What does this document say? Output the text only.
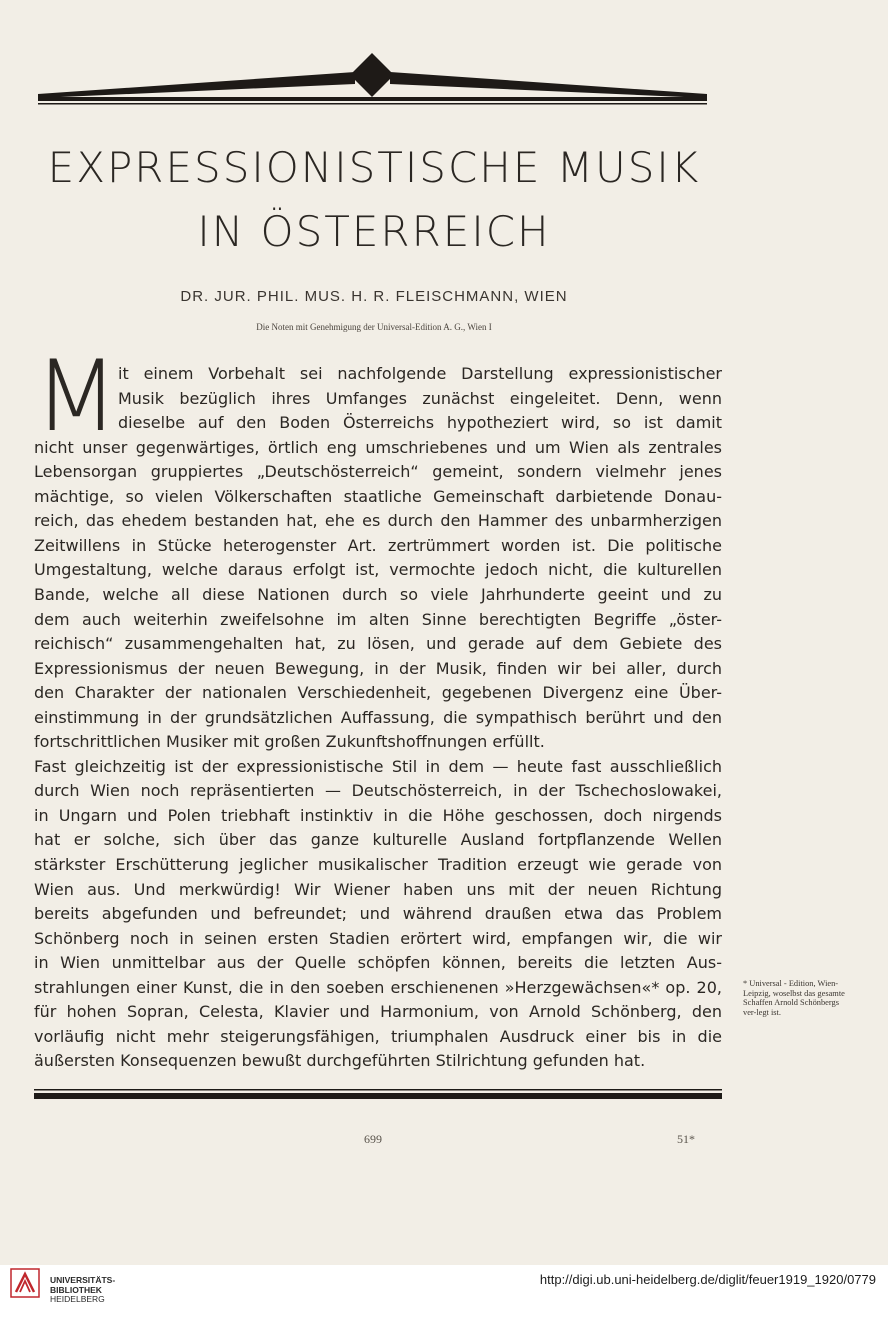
EXPRESSIONISTISCHE MUSIK
IN ÖSTERREICH
DR. JUR. PHIL. MUS. H. R. FLEISCHMANN, WIEN
Die Noten mit Genehmigung der Universal-Edition A. G., Wien I
M
* Universal - Edition, Wien-Leipzig, woselbst das gesamte Schaffen Arnold Schönbergs ver-legt ist.
699	51*
it einem Vorbehalt sei nachfolgende Darstellung expressionistischer
Musik bezüglich ihres Umfanges zunächst eingeleitet. Denn, wenn
dieselbe auf den Boden Österreichs hypotheziert wird, so ist damit
nicht unser gegenwärtiges, örtlich eng umschriebenes und um Wien als zentrales
Lebensorgan gruppiertes „Deutschösterreich“ gemeint, sondern vielmehr jenes
mächtige, so vielen Völkerschaften staatliche Gemeinschaft darbietende Donau-
reich, das ehedem bestanden hat, ehe es durch den Hammer des unbarmherzigen
Zeitwillens in Stücke heterogenster Art. zertrümmert worden ist. Die politische
Umgestaltung, welche daraus erfolgt ist, vermochte jedoch nicht, die kulturellen
Bande, welche all diese Nationen durch so viele Jahrhunderte geeint und zu
dem auch weiterhin zweifelsohne im alten Sinne berechtigten Begriffe „öster-
reichisch“ zusammengehalten hat, zu lösen, und gerade auf dem Gebiete des
Expressionismus der neuen Bewegung, in der Musik, finden wir bei aller, durch
den Charakter der nationalen Verschiedenheit, gegebenen Divergenz eine Über-
einstimmung in der grundsätzlichen Auffassung, die sympathisch berührt und den
fortschrittlichen Musiker mit großen Zukunftshoffnungen erfüllt.
Fast gleichzeitig ist der expressionistische Stil in dem — heute fast ausschließlich
durch Wien noch repräsentierten — Deutschösterreich, in der Tschechoslowakei,
in Ungarn und Polen triebhaft instinktiv in die Höhe geschossen, doch nirgends
hat er solche, sich über das ganze kulturelle Ausland fortpflanzende Wellen
stärkster Erschütterung jeglicher musikalischer Tradition erzeugt wie gerade von
Wien aus. Und merkwürdig! Wir Wiener haben uns mit der neuen Richtung
bereits abgefunden und befreundet; und während draußen etwa das Problem
Schönberg noch in seinen ersten Stadien erörtert wird, empfangen wir, die wir
in Wien unmittelbar aus der Quelle schöpfen können, bereits die letzten Aus-
strahlungen einer Kunst, die in den soeben erschienenen »Herzgewächsen«* op. 20,
für hohen Sopran, Celesta, Klavier und Harmonium, von Arnold Schönberg, den
vorläufig nicht mehr steigerungsfähigen, triumphalen Ausdruck einer bis in die
äußersten Konsequenzen bewußt durchgeführten Stilrichtung gefunden hat.
UNIVERSITÄTS-
BIBLIOTHEK
HEIDELBERG
http://digi.ub.uni-heidelberg.de/diglit/feuer1919_1920/0779
